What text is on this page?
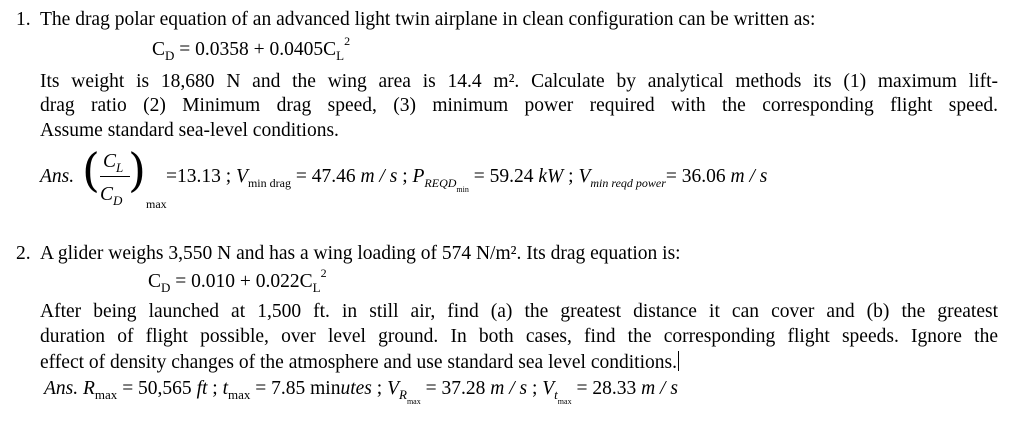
1. The drag polar equation of an advanced light twin airplane in clean configuration can be written as:
$C_D = 0.0358 + 0.0405C_L^2$
Its weight is 18,680 N and the wing area is 14.4 m². Calculate by analytical methods its (1) maximum lift-
drag ratio (2) Minimum drag speed, (3) minimum power required with the corresponding flight speed.
Assume standard sea-level conditions.
Ans. ( $C_L$
$C_D$
)
max
=13.13 ; $V_{min drag} = 47.46$ m / s ; $P_{REQDmin} = 59.24$ kW ; $V_{min reqd power}= 36.06$ m / s
2. A glider weighs 3,550 N and has a wing loading of 574 N/m². Its drag equation is:
$C_D = 0.010 + 0.022C_L^2$
After being launched at 1,500 ft. in still air, find (a) the greatest distance it can cover and (b) the greatest
duration of flight possible, over level ground. In both cases, find the corresponding flight speeds. Ignore the
effect of density changes of the atmosphere and use standard sea level conditions.
Ans. $R_{max} = 50,565$ ft ; $t_{max} = 7.85$ minutes ; $V_{Rmax} = 37.28$ m / s ; $V_{tmax} = 28.33$ m / s
